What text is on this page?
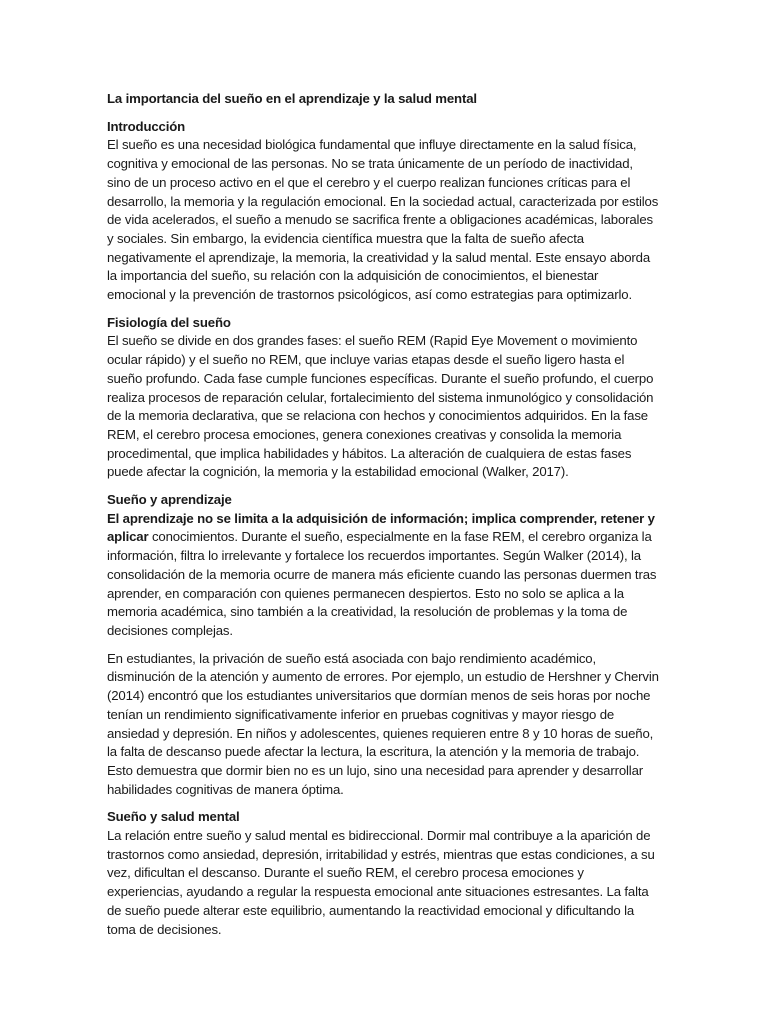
La importancia del sueño en el aprendizaje y la salud mental
Introducción

El sueño es una necesidad biológica fundamental que influye directamente en la salud física, cognitiva y emocional de las personas. No se trata únicamente de un período de inactividad, sino de un proceso activo en el que el cerebro y el cuerpo realizan funciones críticas para el desarrollo, la memoria y la regulación emocional. En la sociedad actual, caracterizada por estilos de vida acelerados, el sueño a menudo se sacrifica frente a obligaciones académicas, laborales y sociales. Sin embargo, la evidencia científica muestra que la falta de sueño afecta negativamente el aprendizaje, la memoria, la creatividad y la salud mental. Este ensayo aborda la importancia del sueño, su relación con la adquisición de conocimientos, el bienestar emocional y la prevención de trastornos psicológicos, así como estrategias para optimizarlo.

Fisiología del sueño

El sueño se divide en dos grandes fases: el sueño REM (Rapid Eye Movement o movimiento ocular rápido) y el sueño no REM, que incluye varias etapas desde el sueño ligero hasta el sueño profundo. Cada fase cumple funciones específicas. Durante el sueño profundo, el cuerpo realiza procesos de reparación celular, fortalecimiento del sistema inmunológico y consolidación de la memoria declarativa, que se relaciona con hechos y conocimientos adquiridos. En la fase REM, el cerebro procesa emociones, genera conexiones creativas y consolida la memoria procedimental, que implica habilidades y hábitos. La alteración de cualquiera de estas fases puede afectar la cognición, la memoria y la estabilidad emocional (Walker, 2017).

Sueño y aprendizaje

El aprendizaje no se limita a la adquisición de información; implica comprender, retener y aplicar conocimientos. Durante el sueño, especialmente en la fase REM, el cerebro organiza la información, filtra lo irrelevante y fortalece los recuerdos importantes. Según Walker (2014), la consolidación de la memoria ocurre de manera más eficiente cuando las personas duermen tras aprender, en comparación con quienes permanecen despiertos. Esto no solo se aplica a la memoria académica, sino también a la creatividad, la resolución de problemas y la toma de decisiones complejas.

En estudiantes, la privación de sueño está asociada con bajo rendimiento académico, disminución de la atención y aumento de errores. Por ejemplo, un estudio de Hershner y Chervin (2014) encontró que los estudiantes universitarios que dormían menos de seis horas por noche tenían un rendimiento significativamente inferior en pruebas cognitivas y mayor riesgo de ansiedad y depresión. En niños y adolescentes, quienes requieren entre 8 y 10 horas de sueño, la falta de descanso puede afectar la lectura, la escritura, la atención y la memoria de trabajo. Esto demuestra que dormir bien no es un lujo, sino una necesidad para aprender y desarrollar habilidades cognitivas de manera óptima.

Sueño y salud mental

La relación entre sueño y salud mental es bidireccional. Dormir mal contribuye a la aparición de trastornos como ansiedad, depresión, irritabilidad y estrés, mientras que estas condiciones, a su vez, dificultan el descanso. Durante el sueño REM, el cerebro procesa emociones y experiencias, ayudando a regular la respuesta emocional ante situaciones estresantes. La falta de sueño puede alterar este equilibrio, aumentando la reactividad emocional y dificultando la toma de decisiones.
